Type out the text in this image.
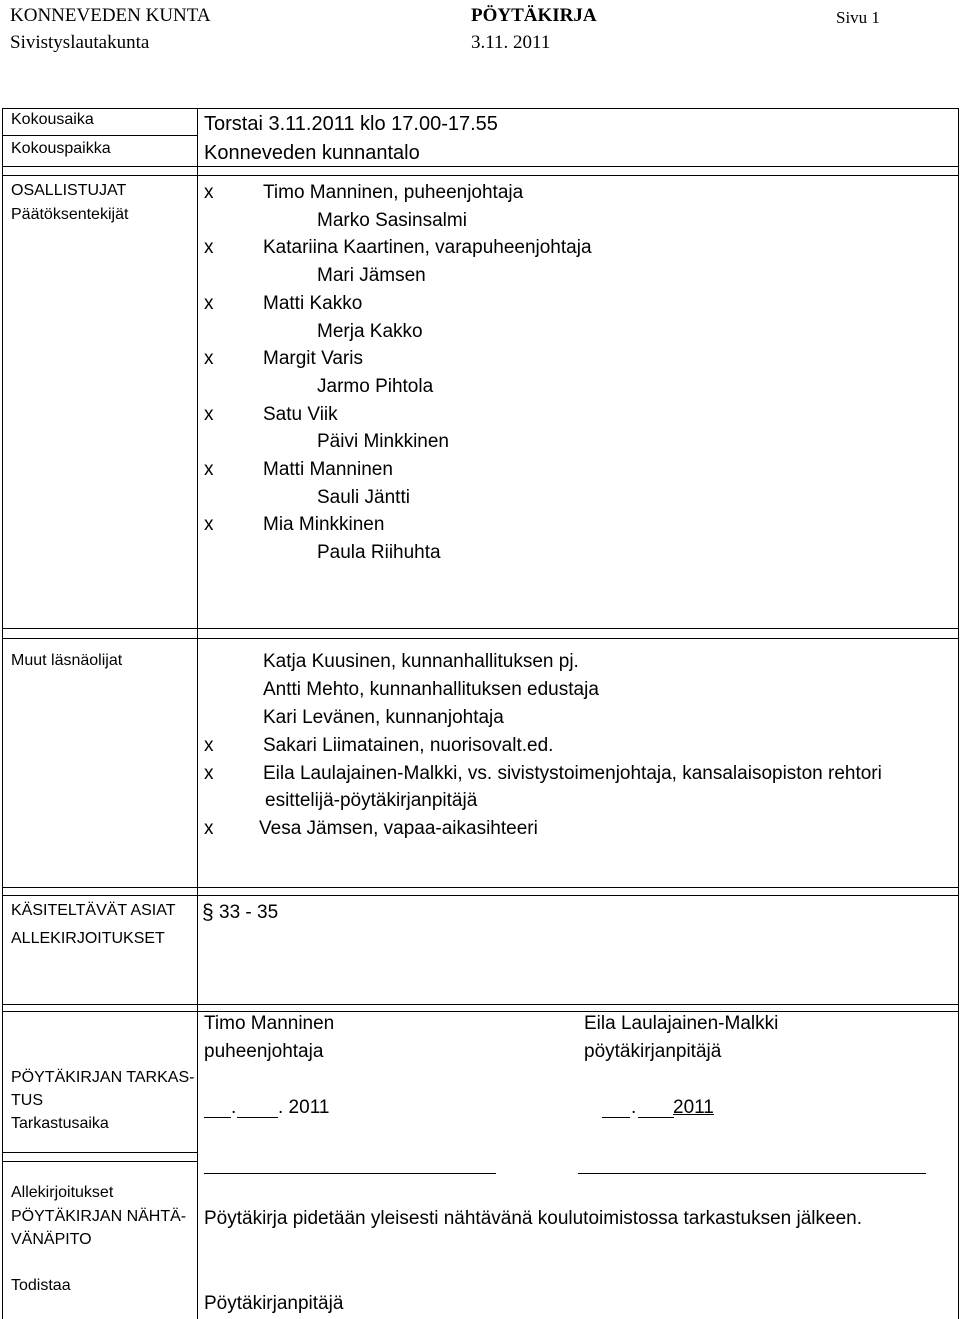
KONNEVEDEN KUNTA
Sivistyslautakunta
PÖYTÄKIRJA
3.11. 2011
Sivu 1
Kokousaika	Torstai 3.11.2011 klo 17.00-17.55
Kokouspaikka	Konneveden kunnantalo
OSALLISTUJAT
Päätöksentekijät
x	Timo Manninen, puheenjohtaja
Marko Sasinsalmi
x	Katariina Kaartinen, varapuheenjohtaja
Mari Jämsen
x	Matti Kakko
Merja Kakko
x	Margit Varis
Jarmo Pihtola
x	Satu Viik
Päivi Minkkinen
x	Matti Manninen
Sauli Jäntti
x	Mia Minkkinen
Paula Riihuhta
Muut läsnäolijat	Katja Kuusinen, kunnanhallituksen pj.
Antti Mehto, kunnanhallituksen edustaja
Kari Levänen, kunnanjohtaja
x	Sakari Liimatainen, nuorisovalt.ed.
x	Eila Laulajainen-Malkki, vs. sivistystoimenjohtaja, kansalaisopiston rehtori
esittelijä-pöytäkirjanpitäjä
x Vesa Jämsen, vapaa-aikasihteeri
KÄSITELTÄVÄT ASIAT § 33 - 35
ALLEKIRJOITUKSET
Timo Manninen
puheenjohtaja
Eila Laulajainen-Malkki
pöytäkirjanpitäjä
PÖYTÄKIRJAN TARKAS-
TUS
Tarkastusaika
. . 2011	. 2011
Allekirjoitukset
PÖYTÄKIRJAN NÄHTÄ-
VÄNÄPITO
Pöytäkirja pidetään yleisesti nähtävänä koulutoimistossa tarkastuksen jälkeen.
Todistaa
Pöytäkirjanpitäjä
